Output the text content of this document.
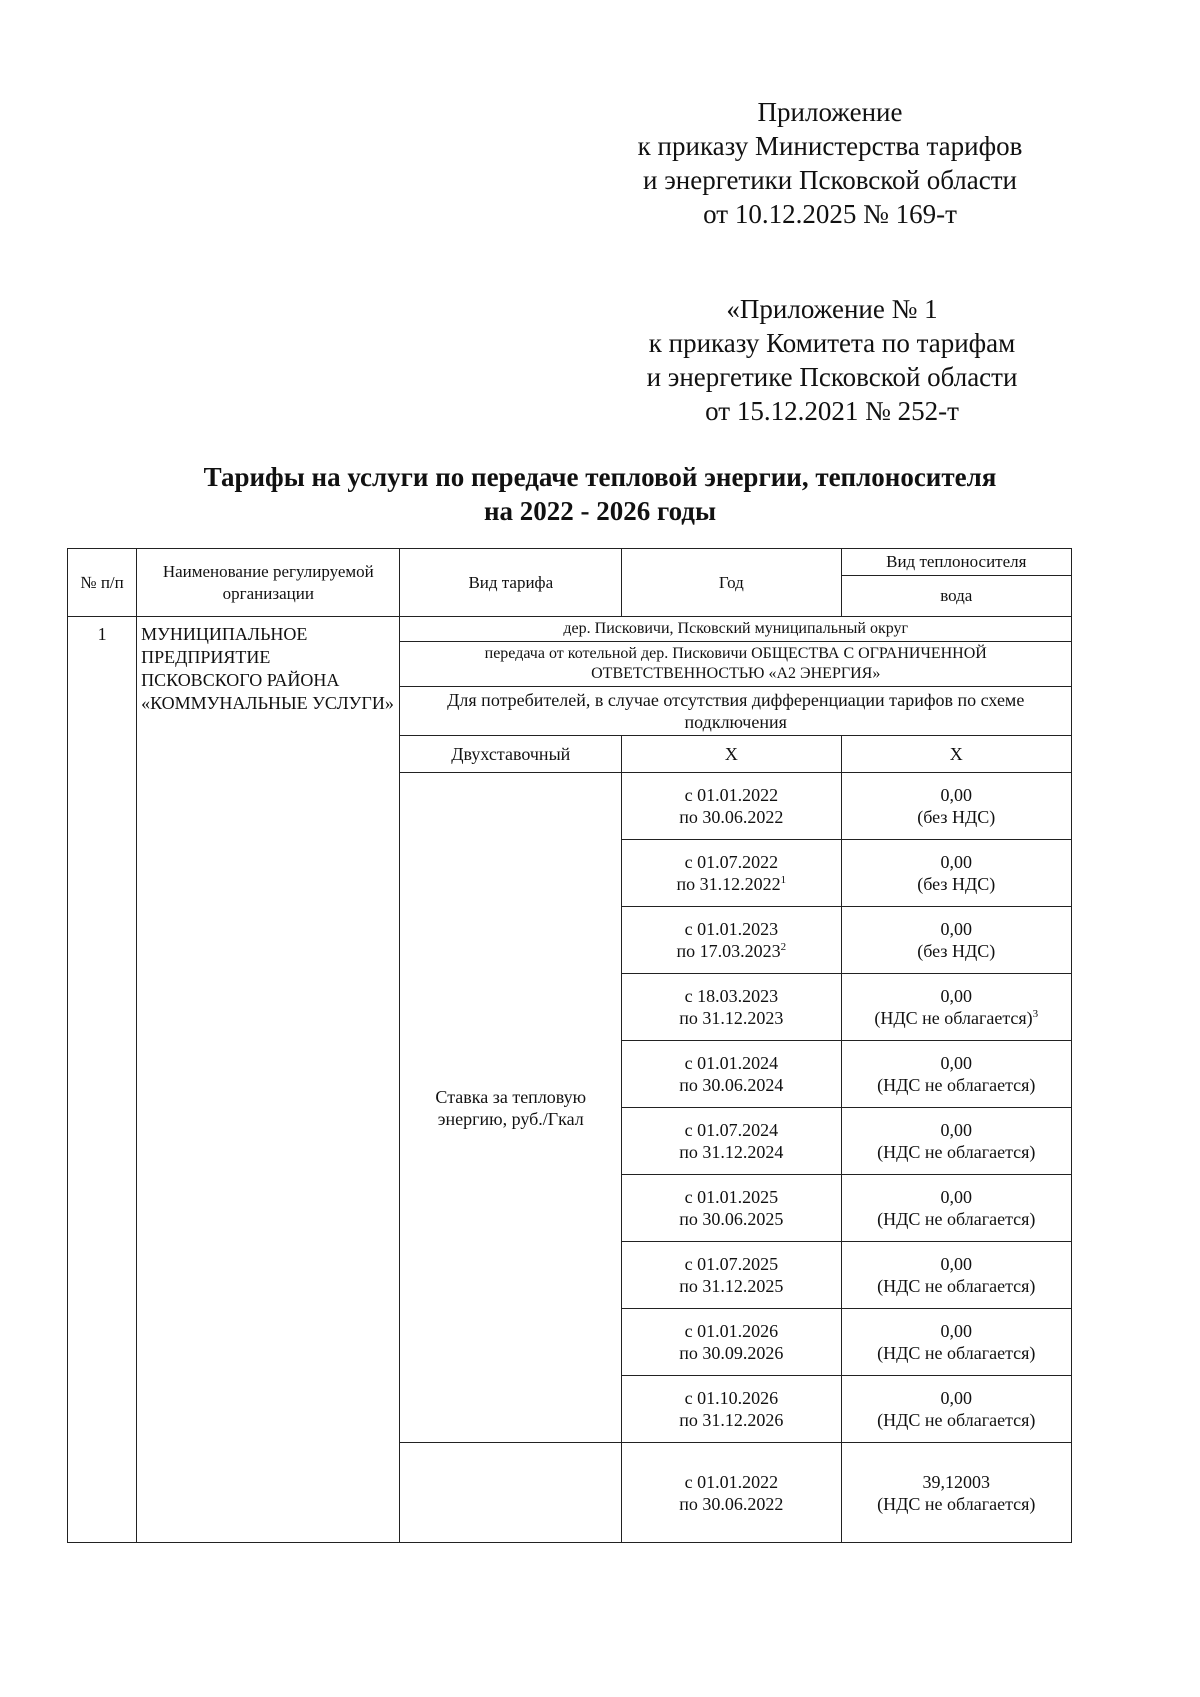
Приложение
к приказу Министерства тарифов
и энергетики Псковской области
от 10.12.2025 № 169-т
«Приложение № 1
к приказу Комитета по тарифам
и энергетике Псковской области
от 15.12.2021 № 252-т
Тарифы на услуги по передаче тепловой энергии, теплоносителя
на 2022 - 2026 годы
№ п/п	Наименование регулируемой организации	Вид тарифа	Год	Вид теплоносителя
				вода
1	МУНИЦИПАЛЬНОЕ ПРЕДПРИЯТИЕ ПСКОВСКОГО РАЙОНА «КОММУНАЛЬНЫЕ УСЛУГИ»	дер. Писковичи, Псковский муниципальный округ		
		передача от котельной дер. Писковичи ОБЩЕСТВА С ОГРАНИЧЕННОЙ ОТВЕТСТВЕННОСТЬЮ «А2 ЭНЕРГИЯ»		
		Для потребителей, в случае отсутствия дифференциации тарифов по схеме подключения		
		Двухставочный	Х	Х
		Ставка за тепловую энергию, руб./Гкал	с 01.01.2022
по 30.06.2022	0,00
(без НДС)

			с 01.07.2022
по 31.12.2022$^1$	0,00
(без НДС)

			с 01.01.2023
по 17.03.2023$^2$	0,00
(без НДС)

			с 18.03.2023
по 31.12.2023	0,00
(НДС не облагается)$^3$

			с 01.01.2024
по 30.06.2024	0,00
(НДС не облагается)

			с 01.07.2024
по 31.12.2024	0,00
(НДС не облагается)

			с 01.01.2025
по 30.06.2025	0,00
(НДС не облагается)

			с 01.07.2025
по 31.12.2025	0,00
(НДС не облагается)

			с 01.01.2026
по 30.09.2026	0,00
(НДС не облагается)

			с 01.10.2026
по 31.12.2026	0,00
(НДС не облагается)

			с 01.01.2022
по 30.06.2022	39,12003
(НДС не облагается)
